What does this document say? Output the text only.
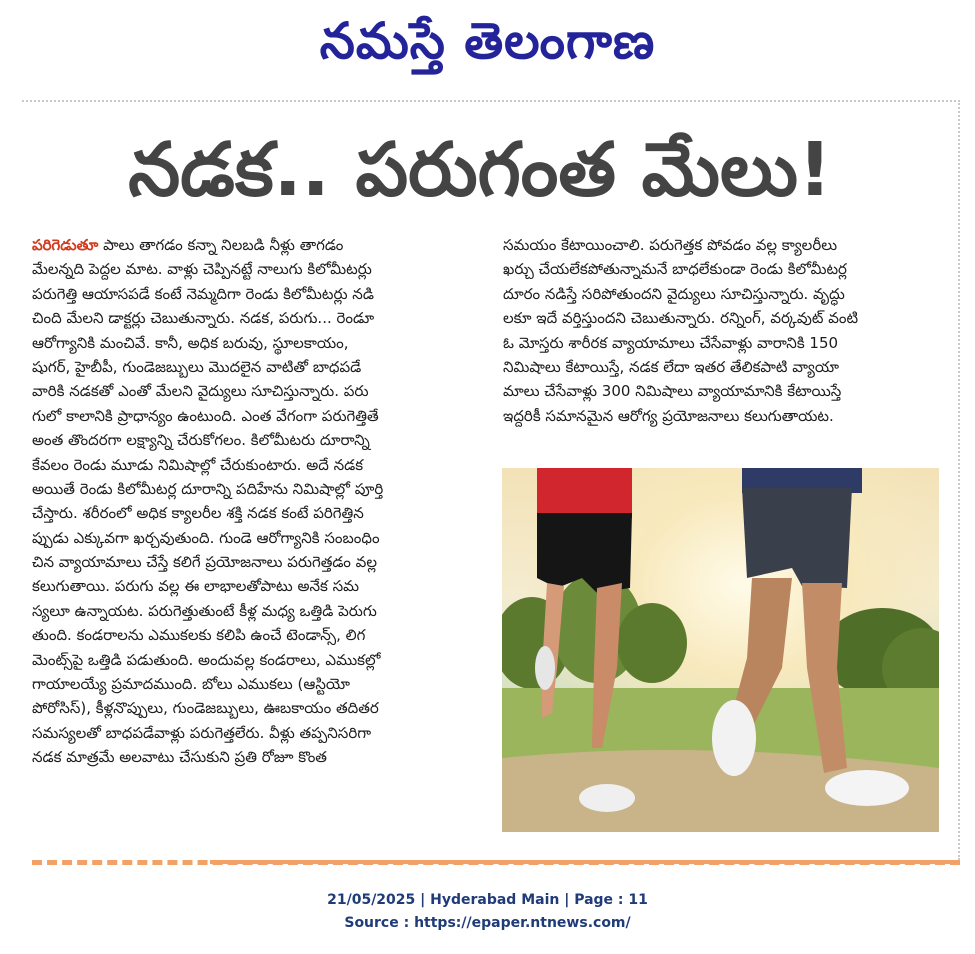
నమస్తే తెలంగాణ
నడక.. పరుగంత మేలు!
పరిగెడుతూ పాలు తాగడం కన్నా నిలబడి నీళ్లు తాగడం
మేలన్నది పెద్దల మాట. వాళ్లు చెప్పినట్టే నాలుగు కిలోమీటర్లు
పరుగెత్తి ఆయాసపడే కంటే నెమ్మదిగా రెండు కిలోమీటర్లు నడి
చింది మేలని డాక్టర్లు చెబుతున్నారు. నడక, పరుగు... రెండూ
ఆరోగ్యానికి మంచివే. కానీ, అధిక బరువు, స్థూలకాయం,
షుగర్, హైబీపీ, గుండెజబ్బులు మొదలైన వాటితో బాధపడే
వారికి నడకతో ఎంతో మేలని వైద్యులు సూచిస్తున్నారు. పరు
గులో కాలానికి ప్రాధాన్యం ఉంటుంది. ఎంత వేగంగా పరుగెత్తితే
అంత తొందరగా లక్ష్యాన్ని చేరుకోగలం. కిలోమీటరు దూరాన్ని
కేవలం రెండు మూడు నిమిషాల్లో చేరుకుంటారు. అదే నడక
అయితే రెండు కిలోమీటర్ల దూరాన్ని పదిహేను నిమిషాల్లో పూర్తి
చేస్తారు. శరీరంలో అధిక క్యాలరీల శక్తి నడక కంటే పరిగెత్తిన
ప్పుడు ఎక్కువగా ఖర్చవుతుంది. గుండె ఆరోగ్యానికి సంబంధిం
చిన వ్యాయామాలు చేస్తే కలిగే ప్రయోజనాలు పరుగెత్తడం వల్ల
కలుగుతాయి. పరుగు వల్ల ఈ లాభాలతోపాటు అనేక సమ
స్యలూ ఉన్నాయట. పరుగెత్తుతుంటే కీళ్ల మధ్య ఒత్తిడి పెరుగు
తుంది. కండరాలను ఎముకలకు కలిపి ఉంచే టెండాన్స్, లిగ
మెంట్స్‌పై ఒత్తిడి పడుతుంది. అందువల్ల కండరాలు, ఎముకల్లో
గాయాలయ్యే ప్రమాదముంది. బోలు ఎముకలు (ఆస్టియో
పోరోసిస్), కీళ్లనొప్పులు, గుండెజబ్బులు, ఊబకాయం తదితర
సమస్యలతో బాధపడేవాళ్లు పరుగెత్తలేరు. వీళ్లు తప్పనిసరిగా
నడక మాత్రమే అలవాటు చేసుకుని ప్రతి రోజూ కొంత
సమయం కేటాయించాలి. పరుగెత్తక పోవడం వల్ల క్యాలరీలు
ఖర్చు చేయలేకపోతున్నామనే బాధలేకుండా రెండు కిలోమీటర్ల
దూరం నడిస్తే సరిపోతుందని వైద్యులు సూచిస్తున్నారు. వృద్ధు
లకూ ఇదే వర్తిస్తుందని చెబుతున్నారు. రన్నింగ్, వర్కవుట్ వంటి
ఓ మోస్తరు శారీరక వ్యాయామాలు చేసేవాళ్లు వారానికి 150
నిమిషాలు కేటాయిస్తే, నడక లేదా ఇతర తేలికపాటి వ్యాయా
మాలు చేసేవాళ్లు 300 నిమిషాలు వ్యాయామానికి కేటాయిస్తే
ఇద్దరికీ సమానమైన ఆరోగ్య ప్రయోజనాలు కలుగుతాయట.
21/05/2025 | Hyderabad Main | Page : 11
Source : https://epaper.ntnews.com/
